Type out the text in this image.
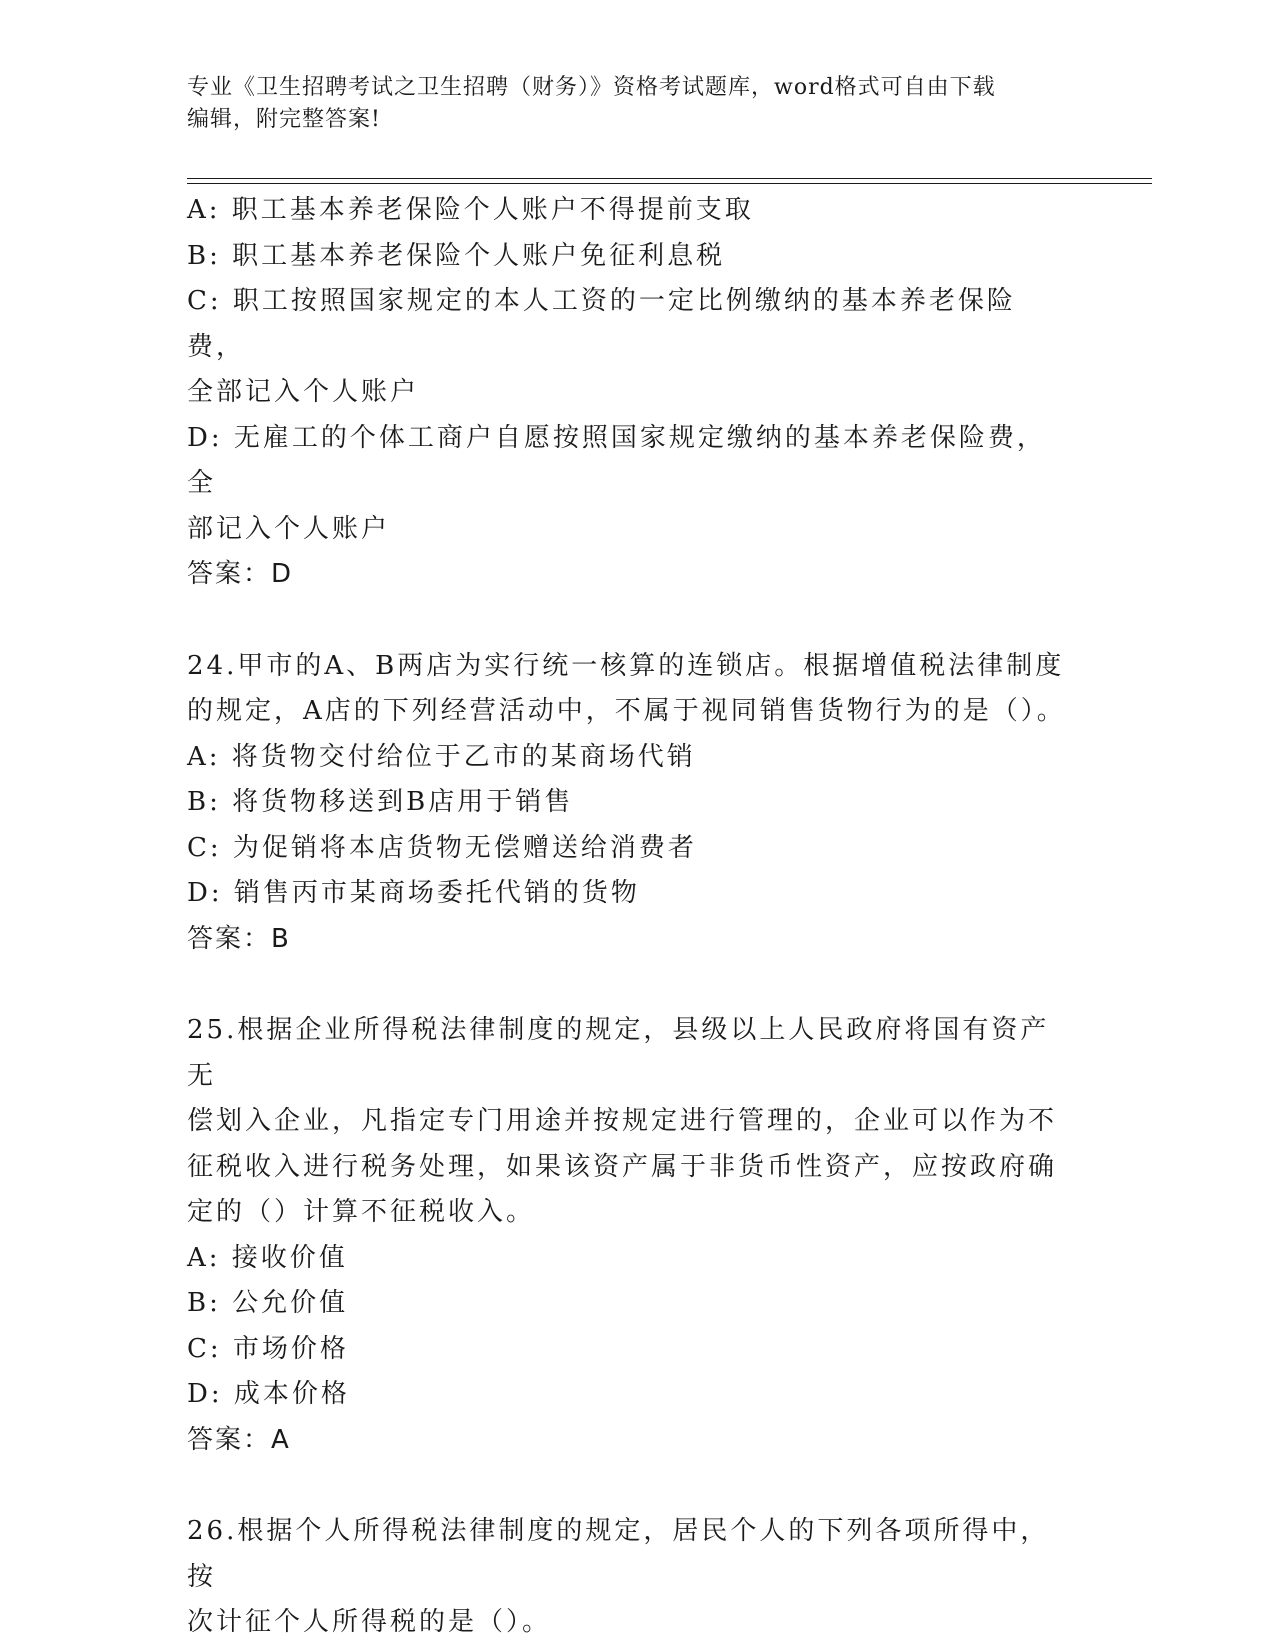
专业《卫生招聘考试之卫生招聘（财务）》资格考试题库，word格式可自由下载
编辑，附完整答案!
A: 职工基本养老保险个人账户不得提前支取
B: 职工基本养老保险个人账户免征利息税
C: 职工按照国家规定的本人工资的一定比例缴纳的基本养老保险费，
全部记入个人账户
D: 无雇工的个体工商户自愿按照国家规定缴纳的基本养老保险费，全
部记入个人账户
答案：D
24.甲市的A、B两店为实行统一核算的连锁店。根据增值税法律制度
的规定，A店的下列经营活动中，不属于视同销售货物行为的是（）。
A: 将货物交付给位于乙市的某商场代销
B: 将货物移送到B店用于销售
C: 为促销将本店货物无偿赠送给消费者
D: 销售丙市某商场委托代销的货物
答案：B
25.根据企业所得税法律制度的规定，县级以上人民政府将国有资产无
偿划入企业，凡指定专门用途并按规定进行管理的，企业可以作为不
征税收入进行税务处理，如果该资产属于非货币性资产，应按政府确
定的（）计算不征税收入。
A: 接收价值
B: 公允价值
C: 市场价格
D: 成本价格
答案：A
26.根据个人所得税法律制度的规定，居民个人的下列各项所得中，按
次计征个人所得税的是（）。
